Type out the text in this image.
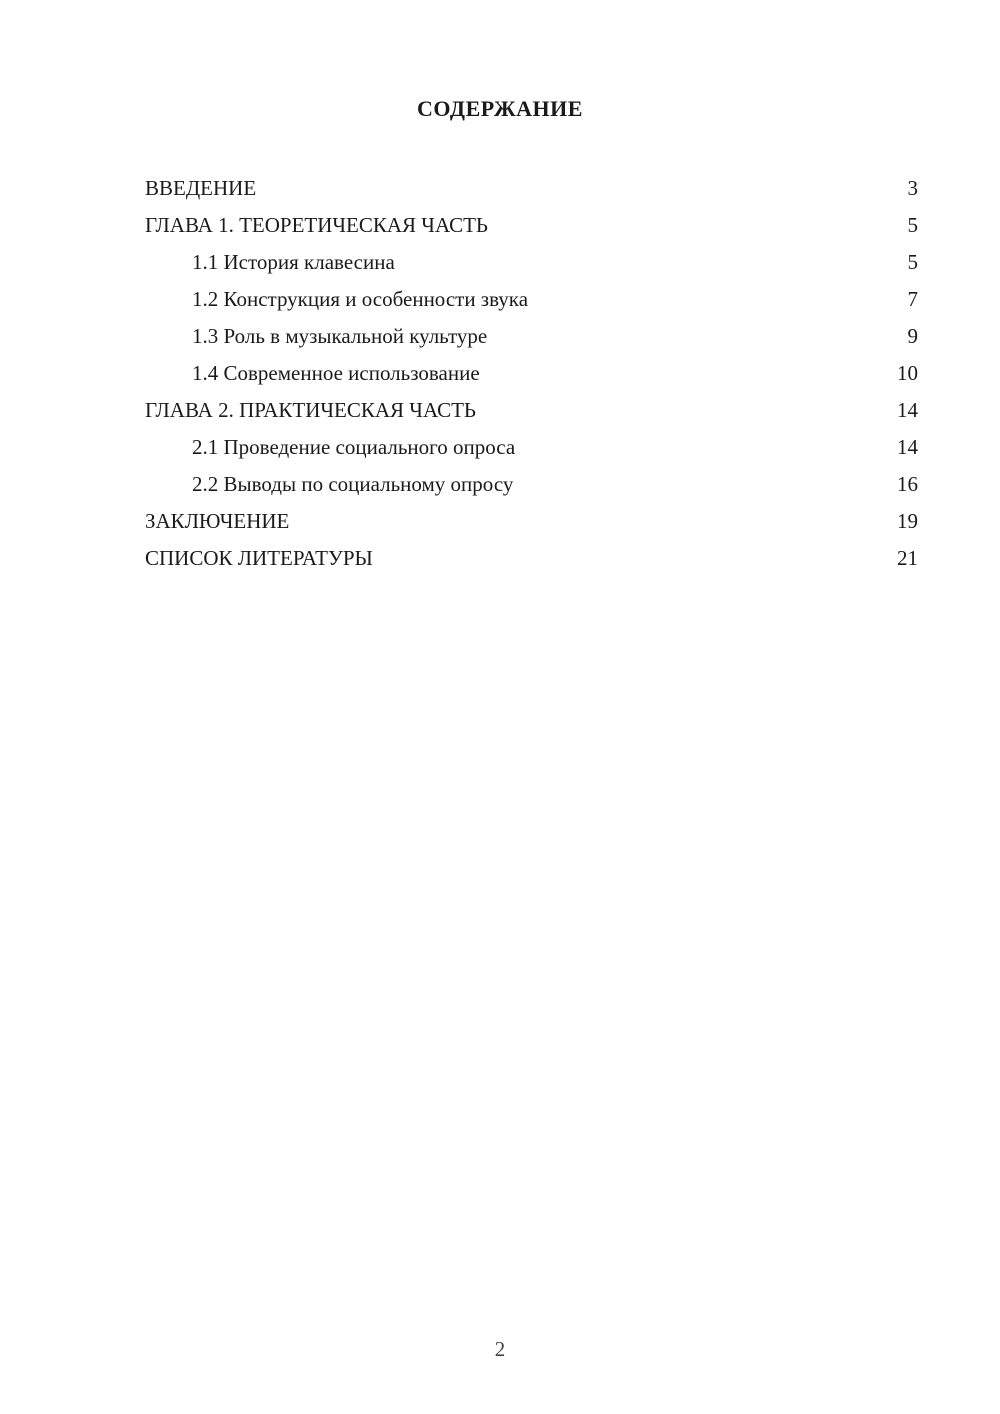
СОДЕРЖАНИЕ
ВВЕДЕНИЕ	3
ГЛАВА 1. ТЕОРЕТИЧЕСКАЯ ЧАСТЬ	5
1.1 История клавесина	5
1.2 Конструкция и особенности звука	7
1.3 Роль в музыкальной культуре	9
1.4 Современное использование	10
ГЛАВА 2. ПРАКТИЧЕСКАЯ ЧАСТЬ	14
2.1 Проведение социального опроса	14
2.2 Выводы по социальному опросу	16
ЗАКЛЮЧЕНИЕ	19
СПИСОК ЛИТЕРАТУРЫ	21
2
